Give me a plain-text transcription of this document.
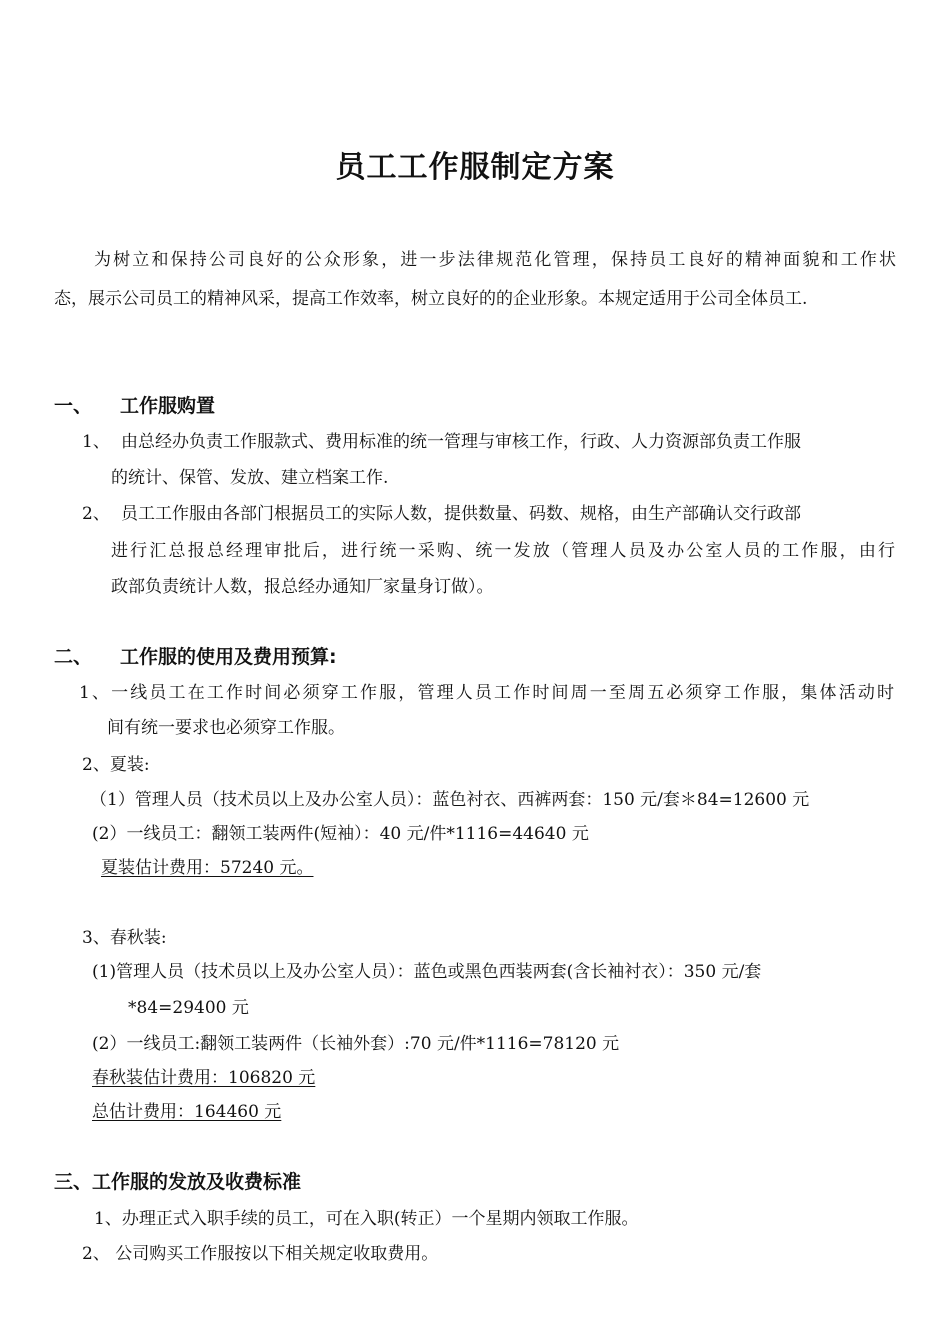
员工工作服制定方案
为树立和保持公司良好的公众形象，进一步法律规范化管理，保持员工良好的精神面貌和工作状
态，展示公司员工的精神风采，提高工作效率，树立良好的的企业形象。本规定适用于公司全体员工.
一、 工作服购置
1、 由总经办负责工作服款式、费用标准的统一管理与审核工作，行政、人力资源部负责工作服
的统计、保管、发放、建立档案工作.
2、 员工工作服由各部门根据员工的实际人数，提供数量、码数、规格，由生产部确认交行政部
进行汇总报总经理审批后，进行统一采购、统一发放（管理人员及办公室人员的工作服，由行
政部负责统计人数，报总经办通知厂家量身订做）。
二、 工作服的使用及费用预算:
1、一线员工在工作时间必须穿工作服，管理人员工作时间周一至周五必须穿工作服，集体活动时
间有统一要求也必须穿工作服。
2、夏装:
（1）管理人员（技术员以上及办公室人员）：蓝色衬衣、西裤两套：150 元/套＊84=12600 元
(2）一线员工：翻领工装两件(短袖）：40 元/件*1116=44640 元
夏装估计费用：57240 元。
3、春秋装:
(1)管理人员（技术员以上及办公室人员）：蓝色或黑色西装两套(含长袖衬衣）：350 元/套
*84=29400 元
(2）一线员工:翻领工装两件（长袖外套）:70 元/件*1116=78120 元
春秋装估计费用：106820 元
总估计费用：164460 元
三、工作服的发放及收费标准
1、办理正式入职手续的员工，可在入职(转正）一个星期内领取工作服。
2、 公司购买工作服按以下相关规定收取费用。
